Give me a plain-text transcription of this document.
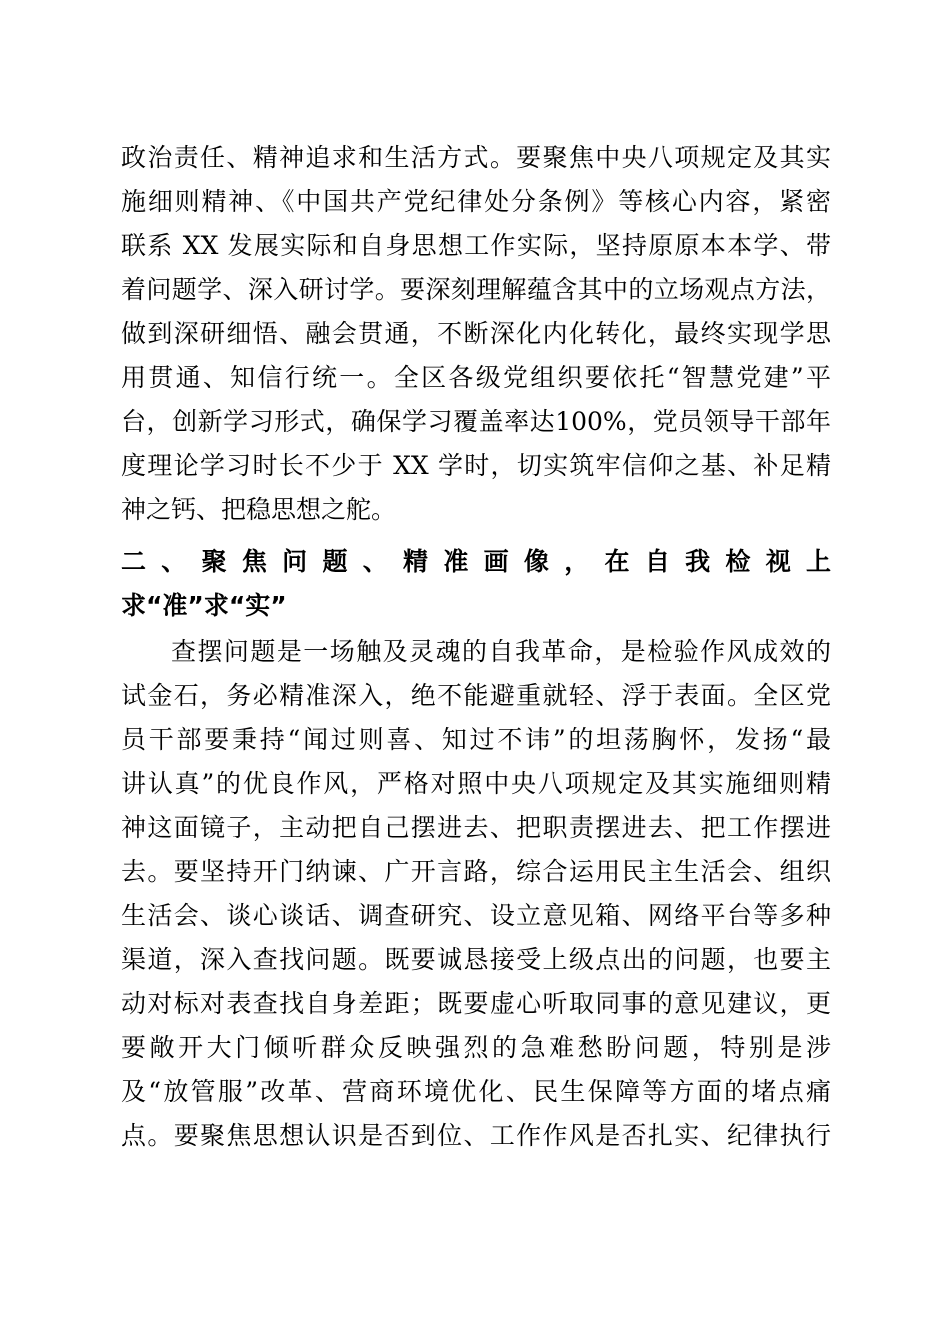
政治责任、精神追求和生活方式。要聚焦中央八项规定及其实
施细则精神、《中国共产党纪律处分条例》等核心内容，紧密
联系 XX 发展实际和自身思想工作实际，坚持原原本本学、带
着问题学、深入研讨学。要深刻理解蕴含其中的立场观点方法，
做到深研细悟、融会贯通，不断深化内化转化，最终实现学思
用贯通、知信行统一。全区各级党组织要依托“智慧党建”平
台，创新学习形式，确保学习覆盖率达100%，党员领导干部年
度理论学习时长不少于 XX 学时，切实筑牢信仰之基、补足精
神之钙、把稳思想之舵。
二、聚焦问题、精准画像，在自我检视上
求“准”求“实”
查摆问题是一场触及灵魂的自我革命，是检验作风成效的
试金石，务必精准深入，绝不能避重就轻、浮于表面。全区党
员干部要秉持“闻过则喜、知过不讳”的坦荡胸怀，发扬“最
讲认真”的优良作风，严格对照中央八项规定及其实施细则精
神这面镜子，主动把自己摆进去、把职责摆进去、把工作摆进
去。要坚持开门纳谏、广开言路，综合运用民主生活会、组织
生活会、谈心谈话、调查研究、设立意见箱、网络平台等多种
渠道，深入查找问题。既要诚恳接受上级点出的问题，也要主
动对标对表查找自身差距；既要虚心听取同事的意见建议，更
要敞开大门倾听群众反映强烈的急难愁盼问题，特别是涉
及“放管服”改革、营商环境优化、民生保障等方面的堵点痛
点。要聚焦思想认识是否到位、工作作风是否扎实、纪律执行
